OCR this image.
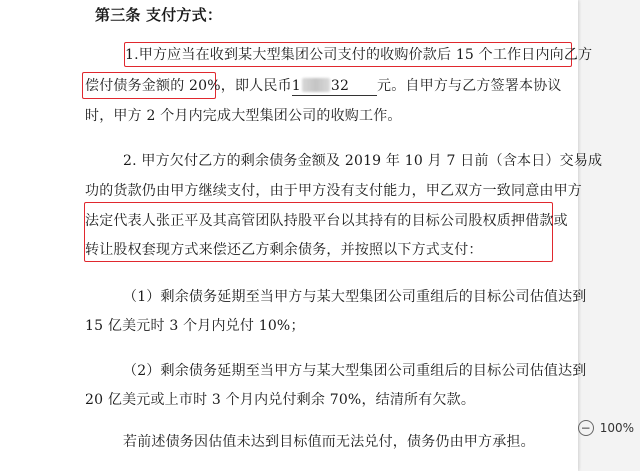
第三条 支付方式：
1.甲方应当在收到某大型集团公司支付的收购价款后 15 个工作日内向乙方
偿付债务金额的 20%，即人民币1 32 元。自甲方与乙方签署本协议
时，甲方 2 个月内完成大型集团公司的收购工作。
2. 甲方欠付乙方的剩余债务金额及 2019 年 10 月 7 日前（含本日）交易成
功的货款仍由甲方继续支付，由于甲方没有支付能力，甲乙双方一致同意由甲方
法定代表人张正平及其高管团队持股平台以其持有的目标公司股权质押借款或
转让股权套现方式来偿还乙方剩余债务，并按照以下方式支付：
（1）剩余债务延期至当甲方与某大型集团公司重组后的目标公司估值达到
15 亿美元时 3 个月内兑付 10%；
（2）剩余债务延期至当甲方与某大型集团公司重组后的目标公司估值达到
20 亿美元或上市时 3 个月内兑付剩余 70%，结清所有欠款。
若前述债务因估值未达到目标值而无法兑付，债务仍由甲方承担。
− 100%
